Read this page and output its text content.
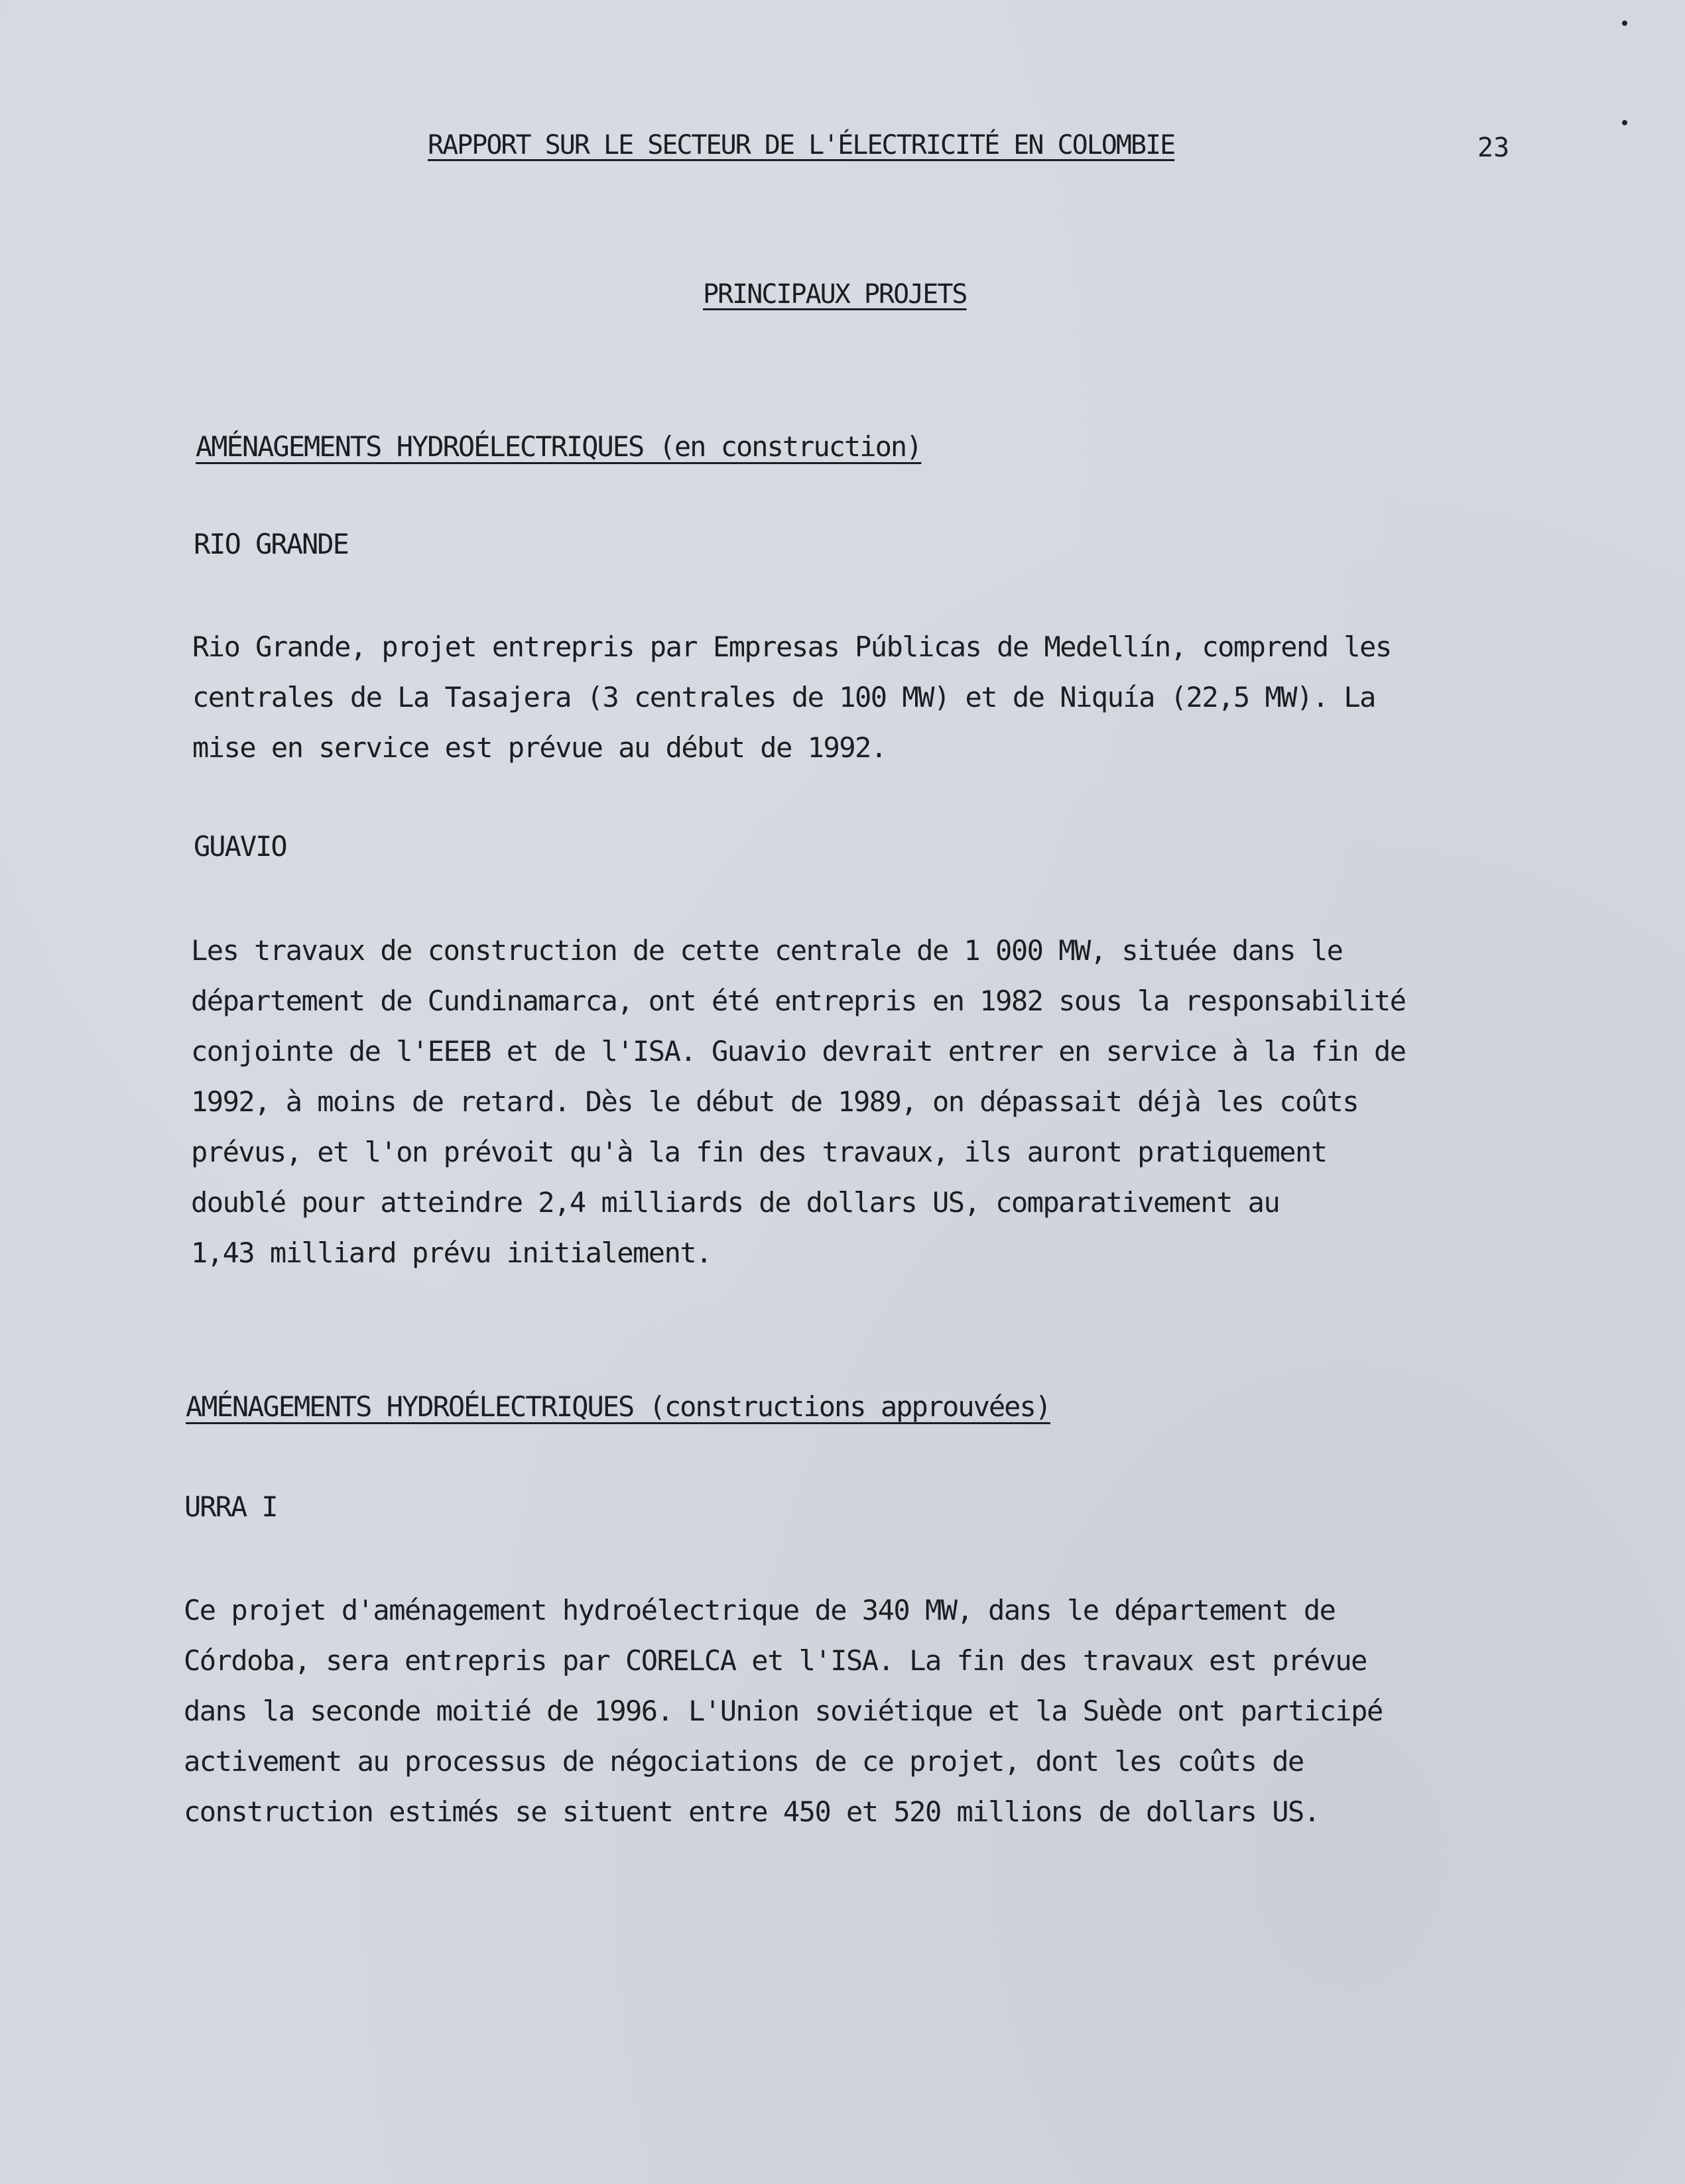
RAPPORT SUR LE SECTEUR DE L'ÉLECTRICITÉ EN COLOMBIE	23
PRINCIPAUX PROJETS
AMÉNAGEMENTS HYDROÉLECTRIQUES (en construction)
RIO GRANDE
Rio Grande, projet entrepris par Empresas Públicas de Medellín, comprend les
centrales de La Tasajera (3 centrales de 100 MW) et de Niquía (22,5 MW). La
mise en service est prévue au début de 1992.
GUAVIO
Les travaux de construction de cette centrale de 1 000 MW, située dans le
département de Cundinamarca, ont été entrepris en 1982 sous la responsabilité
conjointe de l'EEEB et de l'ISA. Guavio devrait entrer en service à la fin de
1992, à moins de retard. Dès le début de 1989, on dépassait déjà les coûts
prévus, et l'on prévoit qu'à la fin des travaux, ils auront pratiquement
doublé pour atteindre 2,4 milliards de dollars US, comparativement au
1,43 milliard prévu initialement.
AMÉNAGEMENTS HYDROÉLECTRIQUES (constructions approuvées)
URRA I
Ce projet d'aménagement hydroélectrique de 340 MW, dans le département de
Córdoba, sera entrepris par CORELCA et l'ISA. La fin des travaux est prévue
dans la seconde moitié de 1996. L'Union soviétique et la Suède ont participé
activement au processus de négociations de ce projet, dont les coûts de
construction estimés se situent entre 450 et 520 millions de dollars US.
